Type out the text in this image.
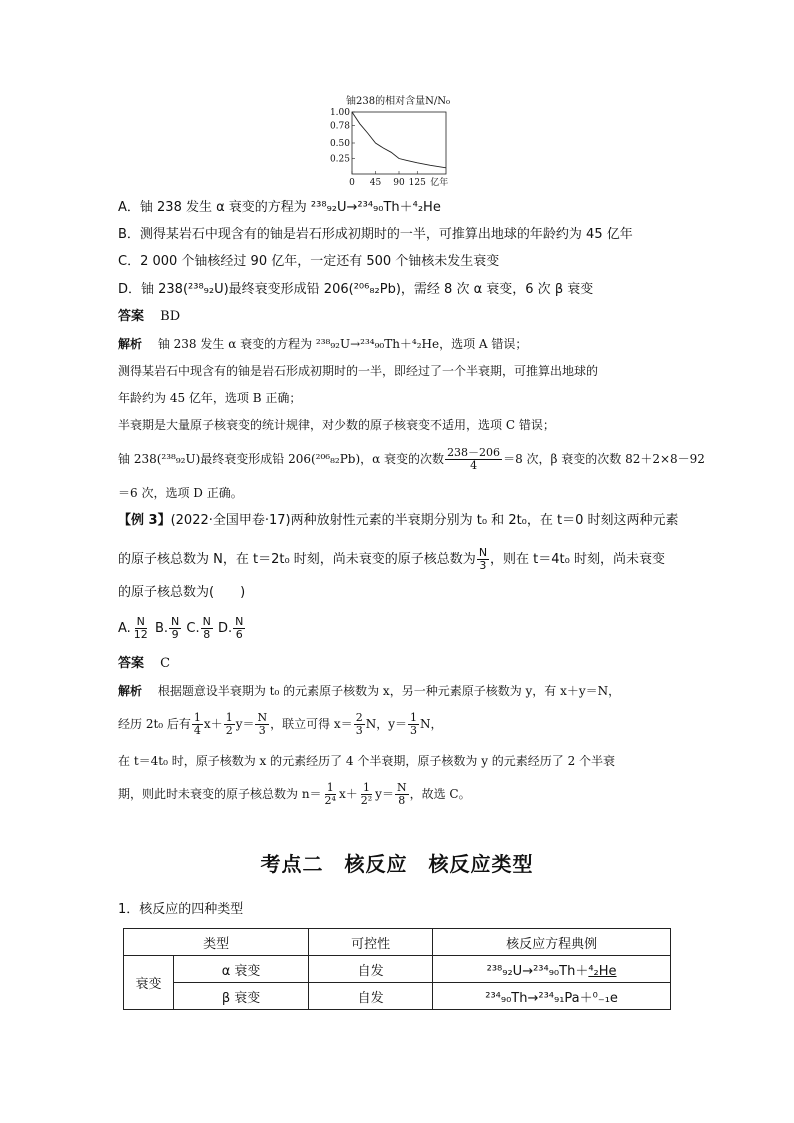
铀238的相对含量N/N₀
1.00
0.78
0.50
0.25
0 45 90 125 亿年
A．铀 238 发生 α 衰变的方程为 ²³⁸₉₂U→²³⁴₉₀Th＋⁴₂He
B．测得某岩石中现含有的铀是岩石形成初期时的一半，可推算出地球的年龄约为 45 亿年
C．2 000 个铀核经过 90 亿年，一定还有 500 个铀核未发生衰变
D．铀 238(²³⁸₉₂U)最终衰变形成铅 206(²⁰⁶₈₂Pb)，需经 8 次 α 衰变，6 次 β 衰变
答案 BD
解析 铀 238 发生 α 衰变的方程为 ²³⁸₉₂U→²³⁴₉₀Th＋⁴₂He，选项 A 错误；
测得某岩石中现含有的铀是岩石形成初期时的一半，即经过了一个半衰期，可推算出地球的
年龄约为 45 亿年，选项 B 正确；
半衰期是大量原子核衰变的统计规律，对少数的原子核衰变不适用，选项 C 错误；
铀 238(²³⁸₉₂U)最终衰变形成铅 206(²⁰⁶₈₂Pb)，α 衰变的次数 $\frac{238-206}{4} =8$ 次，β 衰变的次数 82＋2×8－92
＝6 次，选项 D 正确。
【例 3】(2022·全国甲卷·17)两种放射性元素的半衰期分别为 t₀ 和 2t₀，在 t＝0 时刻这两种元素
的原子核总数为 N，在 t＝2t₀ 时刻，尚未衰变的原子核总数为 $\frac{N}{3}$ ，则在 t＝4t₀ 时刻，尚未衰变
的原子核总数为(　　)
A. $\frac{N}{12} B$. $\frac{N}{9} C$. $\frac{N}{8} D$. $\frac{N}{6}$
答案 C
解析 根据题意设半衰期为 t₀ 的元素原子核数为 x，另一种元素原子核数为 y，有 x＋y＝N，
经历 2t₀ 后有 $\frac{1}{4} x+ \frac{1}{2} y= \frac{N}{3}$ ，联立可得 $x= \frac{2}{3}$ N，$y= \frac{1}{3}$ N，
在 t＝4t₀ 时，原子核数为 x 的元素经历了 4 个半衰期，原子核数为 y 的元素经历了 2 个半衰
期，则此时未衰变的原子核总数为 $n= \frac{1}{\text{2⁴}} x+ \frac{1}{\text{2²}} y= \frac{N}{8}$ ，故选 C。
考点二　核反应　核反应类型
1．核反应的四种类型
类型		可控性	核反应方程典例
衰变	α 衰变	自发	²³⁸₉₂U→²³⁴₉₀Th＋⁴₂He
	β 衰变	自发	²³⁴₉₀Th→²³⁴₉₁Pa＋⁰₋₁e
